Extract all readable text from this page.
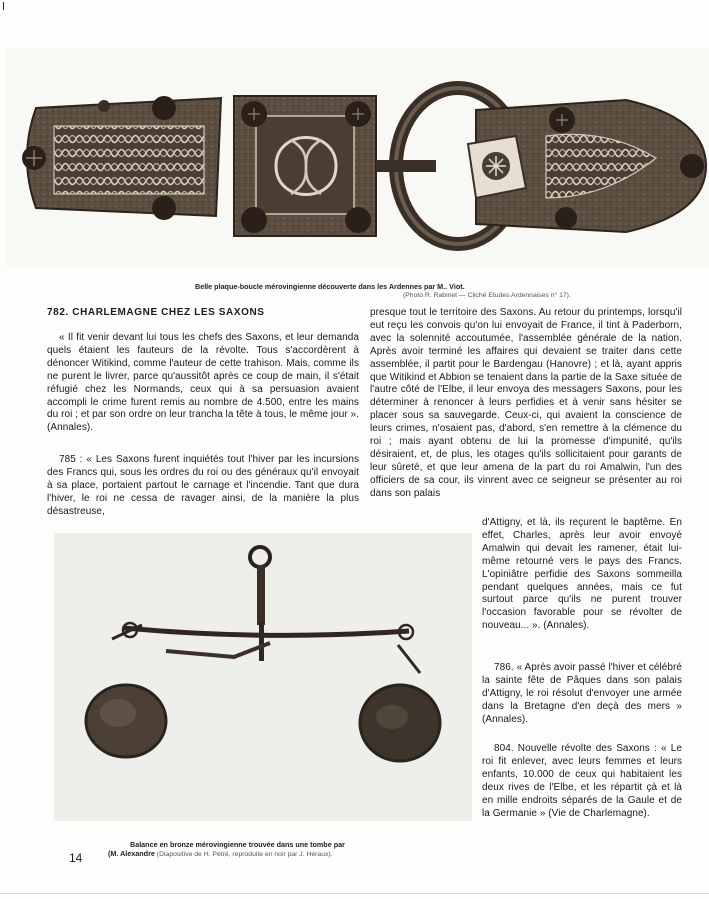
Belle plaque-boucle mérovingienne découverte dans les Ardennes par M.. Viot.
(Photo R. Rabinet — Cliché Etudes Ardennaises n° 17).
782. CHARLEMAGNE CHEZ LES SAXONS
« Il fit venir devant lui tous les chefs des Saxons, et leur demanda quels étaient les fauteurs de la révolte. Tous s'accordèrent à dénoncer Witikind, comme l'auteur de cette trahison. Mais, comme ils ne purent le livrer, parce qu'aussitôt après ce coup de main, il s'était réfugié chez les Normands, ceux qui à sa persuasion avaient accompli le crime furent remis au nombre de 4.500, entre les mains du roi ; et par son ordre on leur trancha la tête à tous, le même jour ». (Annales).
785 : « Les Saxons furent inquiétés tout l'hiver par les incursions des Francs qui, sous les ordres du roi ou des généraux qu'il envoyait à sa place, portaient partout le carnage et l'incendie. Tant que dura l'hiver, le roi ne cessa de ravager ainsi, de la manière la plus désastreuse,
presque tout le territoire des Saxons. Au retour du printemps, lorsqu'il eut reçu les convois qu'on lui envoyait de France, il tint à Paderborn, avec la solennité accoutumée, l'assemblée générale de la nation. Après avoir terminé les affaires qui devaient se traiter dans cette assemblée, il partit pour le Bardengau (Hanovre) ; et là, ayant appris que Witikind et Abbion se tenaient dans la partie de la Saxe située de l'autre côté de l'Elbe, il leur envoya des messagers Saxons, pour les déterminer à renoncer à leurs perfidies et à venir sans hésiter se placer sous sa sauvegarde. Ceux-ci, qui avaient la conscience de leurs crimes, n'osaient pas, d'abord, s'en remettre à la clémence du roi ; mais ayant obtenu de lui la promesse d'impunité, qu'ils désiraient, et, de plus, les otages qu'ils sollicitaient pour garants de leur sûreté, et que leur amena de la part du roi Amalwin, l'un des officiers de sa cour, ils vinrent avec ce seigneur se présenter au roi dans son palais
d'Attigny, et là, ils reçurent le baptême. En effet, Charles, après leur avoir envoyé Amalwin qui devait les ramener, était lui-même retourné vers le pays des Francs. L'opiniâtre perfidie des Saxons sommeilla pendant quelques années, mais ce fut surtout parce qu'ils ne purent trouver l'occasion favorable pour se révolter de nouveau... ». (Annales).
786. « Après avoir passé l'hiver et célébré la sainte fête de Pâques dans son palais d'Attigny, le roi résolut d'envoyer une armée dans la Bretagne d'en deçà des mers » (Annales).
804. Nouvelle révolte des Saxons : « Le roi fit enlever, avec leurs femmes et leurs enfants, 10.000 de ceux qui habitaient les deux rives de l'Elbe, et les répartit çà et là en mille endroits séparés de la Gaule et de la Germanie » (Vie de Charlemagne).
Balance en bronze mérovingienne trouvée dans une tombe par
(M. Alexandre (Diapositive de H. Pétré, reproduite en noir par J. Héraux).
14
